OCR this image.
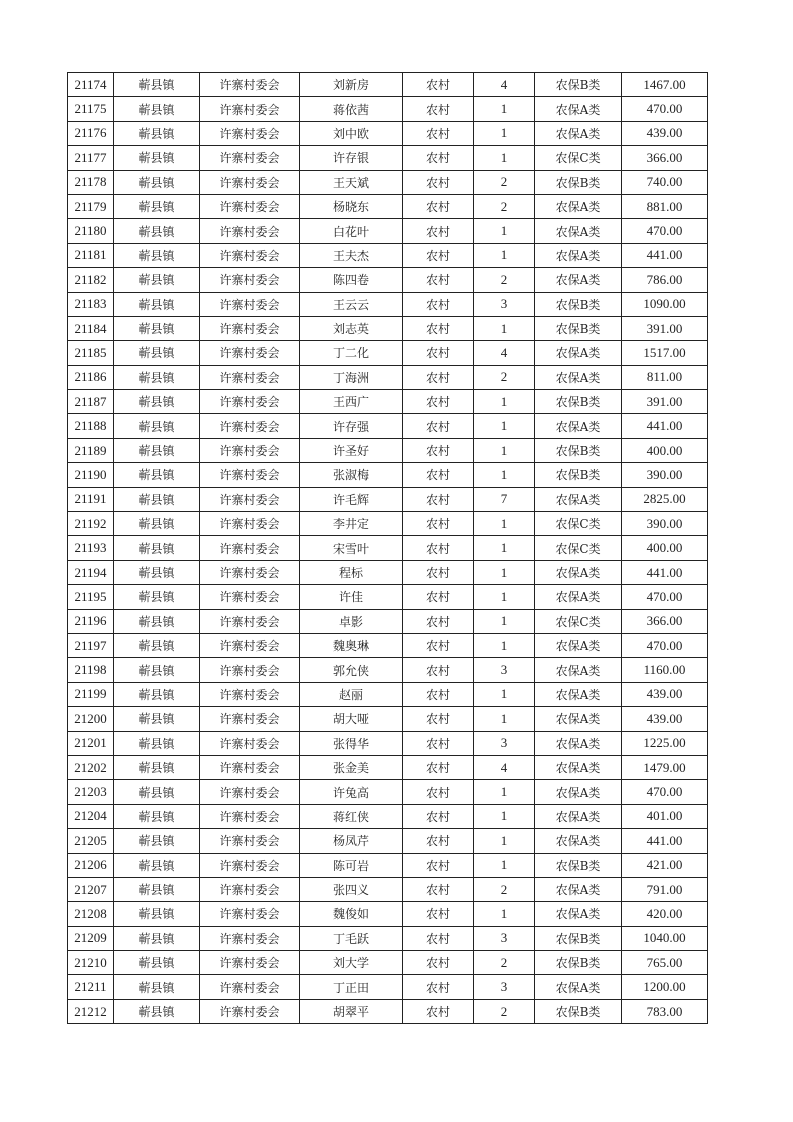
21174	蕲县镇	许寨村委会	刘新房	农村	4	农保B类	1467.00
21175	蕲县镇	许寨村委会	蒋依茜	农村	1	农保A类	470.00
21176	蕲县镇	许寨村委会	刘中欧	农村	1	农保A类	439.00
21177	蕲县镇	许寨村委会	许存银	农村	1	农保C类	366.00
21178	蕲县镇	许寨村委会	王天斌	农村	2	农保B类	740.00
21179	蕲县镇	许寨村委会	杨晓东	农村	2	农保A类	881.00
21180	蕲县镇	许寨村委会	白花叶	农村	1	农保A类	470.00
21181	蕲县镇	许寨村委会	王夫杰	农村	1	农保A类	441.00
21182	蕲县镇	许寨村委会	陈四卷	农村	2	农保A类	786.00
21183	蕲县镇	许寨村委会	王云云	农村	3	农保B类	1090.00
21184	蕲县镇	许寨村委会	刘志英	农村	1	农保B类	391.00
21185	蕲县镇	许寨村委会	丁二化	农村	4	农保A类	1517.00
21186	蕲县镇	许寨村委会	丁海洲	农村	2	农保A类	811.00
21187	蕲县镇	许寨村委会	王西广	农村	1	农保B类	391.00
21188	蕲县镇	许寨村委会	许存强	农村	1	农保A类	441.00
21189	蕲县镇	许寨村委会	许圣好	农村	1	农保B类	400.00
21190	蕲县镇	许寨村委会	张淑梅	农村	1	农保B类	390.00
21191	蕲县镇	许寨村委会	许毛辉	农村	7	农保A类	2825.00
21192	蕲县镇	许寨村委会	李井定	农村	1	农保C类	390.00
21193	蕲县镇	许寨村委会	宋雪叶	农村	1	农保C类	400.00
21194	蕲县镇	许寨村委会	程标	农村	1	农保A类	441.00
21195	蕲县镇	许寨村委会	许佳	农村	1	农保A类	470.00
21196	蕲县镇	许寨村委会	卓影	农村	1	农保C类	366.00
21197	蕲县镇	许寨村委会	魏奥琳	农村	1	农保A类	470.00
21198	蕲县镇	许寨村委会	郭允侠	农村	3	农保A类	1160.00
21199	蕲县镇	许寨村委会	赵丽	农村	1	农保A类	439.00
21200	蕲县镇	许寨村委会	胡大哑	农村	1	农保A类	439.00
21201	蕲县镇	许寨村委会	张得华	农村	3	农保A类	1225.00
21202	蕲县镇	许寨村委会	张金美	农村	4	农保A类	1479.00
21203	蕲县镇	许寨村委会	许兔高	农村	1	农保A类	470.00
21204	蕲县镇	许寨村委会	蒋红侠	农村	1	农保A类	401.00
21205	蕲县镇	许寨村委会	杨凤芹	农村	1	农保A类	441.00
21206	蕲县镇	许寨村委会	陈可岩	农村	1	农保B类	421.00
21207	蕲县镇	许寨村委会	张四义	农村	2	农保A类	791.00
21208	蕲县镇	许寨村委会	魏俊如	农村	1	农保A类	420.00
21209	蕲县镇	许寨村委会	丁毛跃	农村	3	农保B类	1040.00
21210	蕲县镇	许寨村委会	刘大学	农村	2	农保B类	765.00
21211	蕲县镇	许寨村委会	丁正田	农村	3	农保A类	1200.00
21212	蕲县镇	许寨村委会	胡翠平	农村	2	农保B类	783.00
